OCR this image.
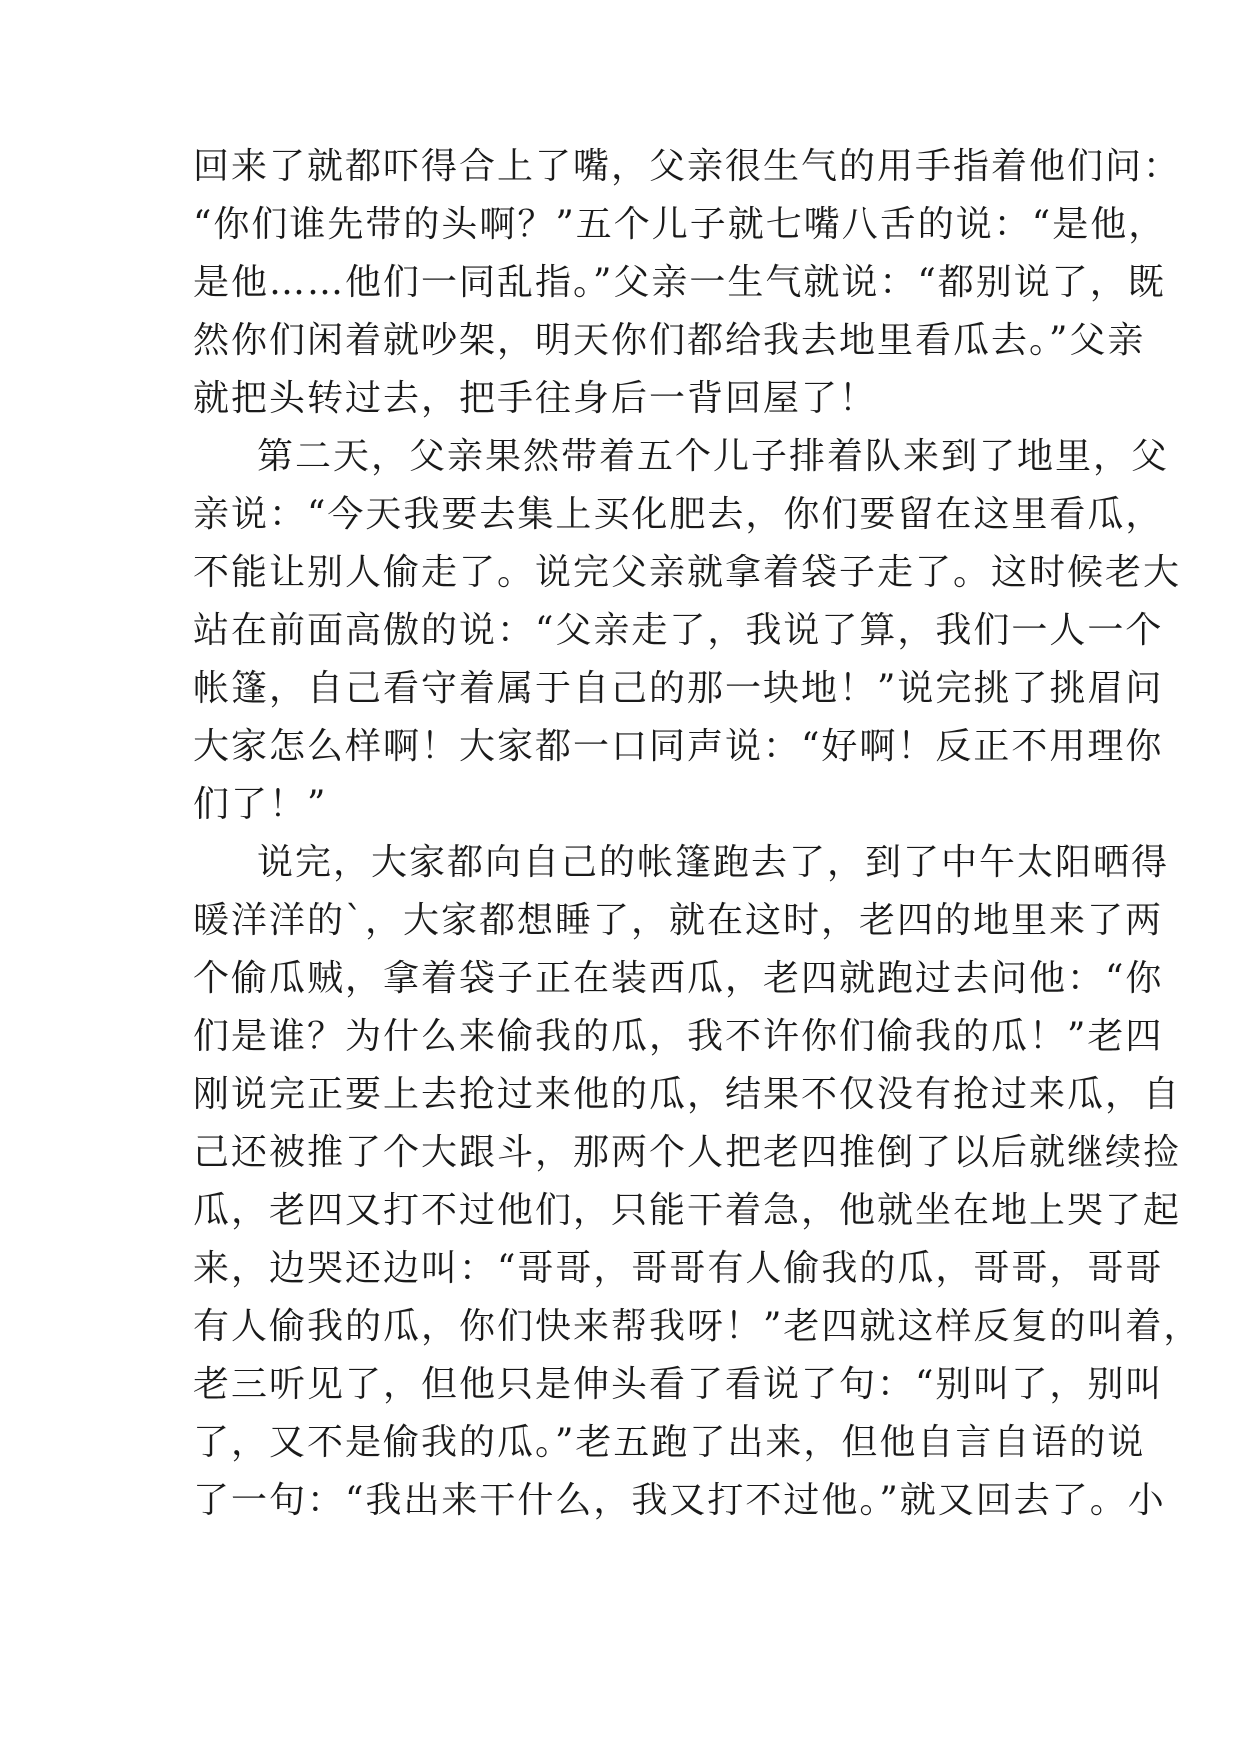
回来了就都吓得合上了嘴，父亲很生气的用手指着他们问：
“你们谁先带的头啊？”五个儿子就七嘴八舌的说：“是他，
是他……他们一同乱指。”父亲一生气就说：“都别说了，既
然你们闲着就吵架，明天你们都给我去地里看瓜去。”父亲
就把头转过去，把手往身后一背回屋了！
第二天，父亲果然带着五个儿子排着队来到了地里，父
亲说：“今天我要去集上买化肥去，你们要留在这里看瓜，
不能让别人偷走了。说完父亲就拿着袋子走了。这时候老大
站在前面高傲的说：“父亲走了，我说了算，我们一人一个
帐篷，自己看守着属于自己的那一块地！”说完挑了挑眉问
大家怎么样啊！大家都一口同声说：“好啊！反正不用理你
们了！”
说完，大家都向自己的帐篷跑去了，到了中午太阳晒得
暖洋洋的`，大家都想睡了，就在这时，老四的地里来了两
个偷瓜贼，拿着袋子正在装西瓜，老四就跑过去问他：“你
们是谁？为什么来偷我的瓜，我不许你们偷我的瓜！”老四
刚说完正要上去抢过来他的瓜，结果不仅没有抢过来瓜，自
己还被推了个大跟斗，那两个人把老四推倒了以后就继续捡
瓜，老四又打不过他们，只能干着急，他就坐在地上哭了起
来，边哭还边叫：“哥哥，哥哥有人偷我的瓜，哥哥，哥哥
有人偷我的瓜，你们快来帮我呀！”老四就这样反复的叫着，
老三听见了，但他只是伸头看了看说了句：“别叫了，别叫
了，又不是偷我的瓜。”老五跑了出来，但他自言自语的说
了一句：“我出来干什么，我又打不过他。”就又回去了。小
